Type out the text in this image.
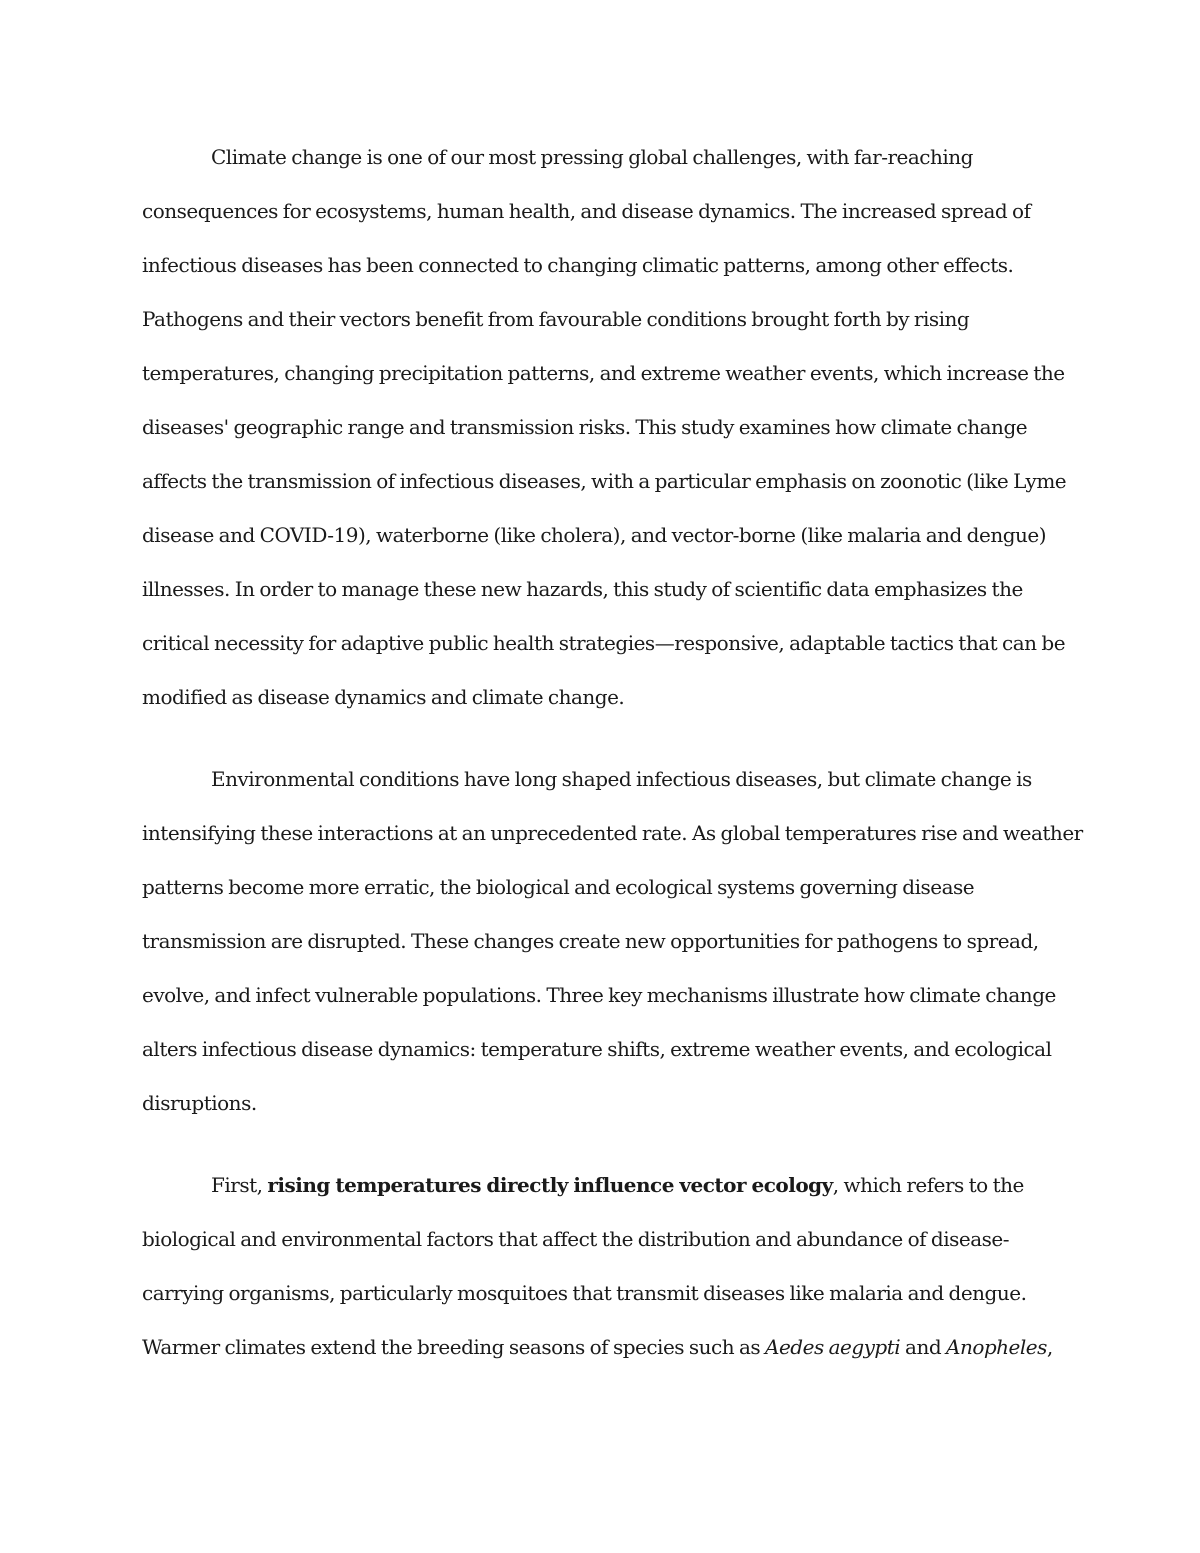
Climate change is one of our most pressing global challenges, with far-reaching
consequences for ecosystems, human health, and disease dynamics. The increased spread of
infectious diseases has been connected to changing climatic patterns, among other effects.
Pathogens and their vectors benefit from favourable conditions brought forth by rising
temperatures, changing precipitation patterns, and extreme weather events, which increase the
diseases' geographic range and transmission risks. This study examines how climate change
affects the transmission of infectious diseases, with a particular emphasis on zoonotic (like Lyme
disease and COVID-19), waterborne (like cholera), and vector-borne (like malaria and dengue)
illnesses. In order to manage these new hazards, this study of scientific data emphasizes the
critical necessity for adaptive public health strategies—responsive, adaptable tactics that can be
modified as disease dynamics and climate change.
Environmental conditions have long shaped infectious diseases, but climate change is
intensifying these interactions at an unprecedented rate. As global temperatures rise and weather
patterns become more erratic, the biological and ecological systems governing disease
transmission are disrupted. These changes create new opportunities for pathogens to spread,
evolve, and infect vulnerable populations. Three key mechanisms illustrate how climate change
alters infectious disease dynamics: temperature shifts, extreme weather events, and ecological
disruptions.
First, rising temperatures directly influence vector ecology, which refers to the
biological and environmental factors that affect the distribution and abundance of disease-
carrying organisms, particularly mosquitoes that transmit diseases like malaria and dengue.
Warmer climates extend the breeding seasons of species such as Aedes aegypti and Anopheles,
